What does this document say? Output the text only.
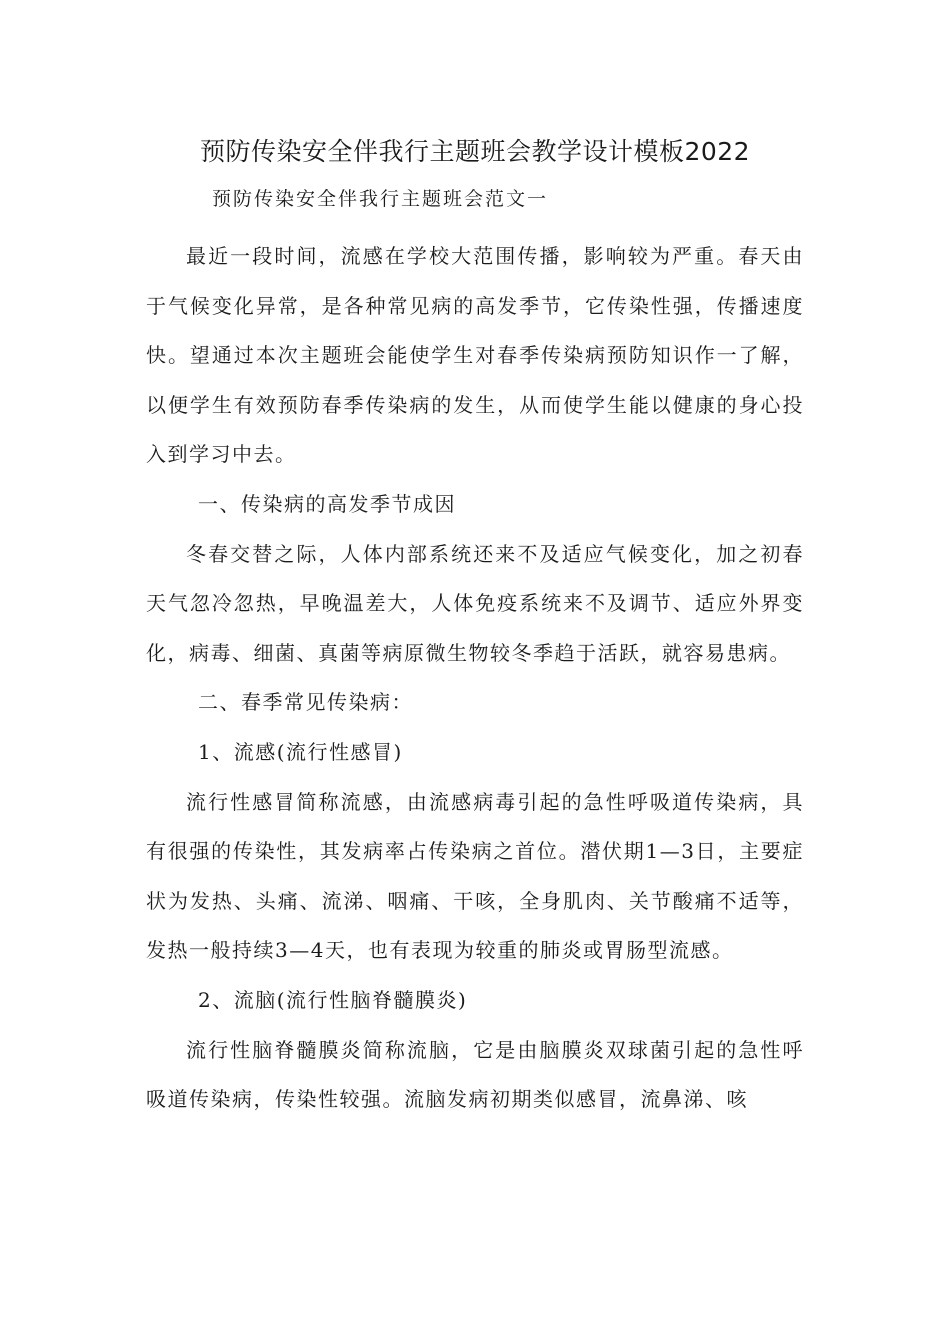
预防传染安全伴我行主题班会教学设计模板2022
预防传染安全伴我行主题班会范文一

最近一段时间，流感在学校大范围传播，影响较为严重。春天由于气候变化异常，是各种常见病的高发季节，它传染性强，传播速度快。望通过本次主题班会能使学生对春季传染病预防知识作一了解，以便学生有效预防春季传染病的发生，从而使学生能以健康的身心投入到学习中去。

一、传染病的高发季节成因

冬春交替之际，人体内部系统还来不及适应气候变化，加之初春天气忽冷忽热，早晚温差大，人体免疫系统来不及调节、适应外界变化，病毒、细菌、真菌等病原微生物较冬季趋于活跃，就容易患病。

二、春季常见传染病：

1、流感(流行性感冒)

流行性感冒简称流感，由流感病毒引起的急性呼吸道传染病，具有很强的传染性，其发病率占传染病之首位。潜伏期1—3日，主要症状为发热、头痛、流涕、咽痛、干咳，全身肌肉、关节酸痛不适等，发热一般持续3—4天，也有表现为较重的肺炎或胃肠型流感。

2、流脑(流行性脑脊髓膜炎)

流行性脑脊髓膜炎简称流脑，它是由脑膜炎双球菌引起的急性呼吸道传染病，传染性较强。流脑发病初期类似感冒，流鼻涕、咳
